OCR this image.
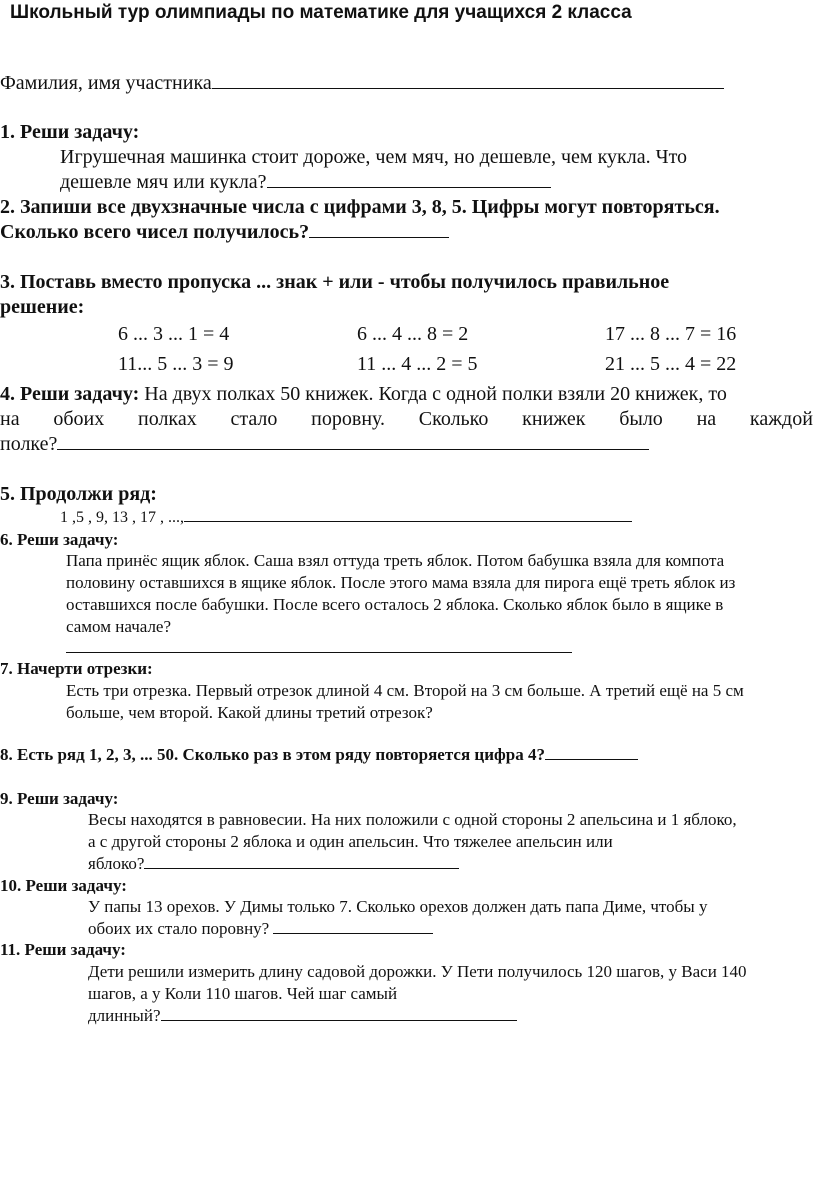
Школьный тур олимпиады по математике для учащихся 2 класса
Фамилия, имя участника
1. Реши задачу:
Игрушечная машинка стоит дороже, чем мяч, но дешевле, чем кукла. Что
дешевле мяч или кукла?
2. Запиши все двухзначные числа с цифрами 3, 8, 5. Цифры могут повторяться.
Сколько всего чисел получилось?
3. Поставь вместо пропуска ... знак + или - чтобы получилось правильное
решение:
6 ... 3 ... 1 = 4	6 ... 4 ... 8 = 2	17 ... 8 ... 7 = 16
11... 5 ... 3 = 9	11 ... 4 ... 2 = 5	21 ... 5 ... 4 = 22
4. Реши задачу: На двух полках 50 книжек. Когда с одной полки взяли 20 книжек, то
на обоих полках стало поровну. Сколько книжек было на каждой
полке?
5. Продолжи ряд:
1 ,5 , 9, 13 , 17 , ...,
6. Реши задачу:
Папа принёс ящик яблок. Саша взял оттуда треть яблок. Потом бабушка взяла для компота
половину оставшихся в ящике яблок. После этого мама взяла для пирога ещё треть яблок из
оставшихся после бабушки. После всего осталось 2 яблока. Сколько яблок было в ящике в
самом начале?
7. Начерти отрезки:
Есть три отрезка. Первый отрезок длиной 4 см. Второй на 3 см больше. А третий ещё на 5 см
больше, чем второй. Какой длины третий отрезок?
8. Есть ряд 1, 2, 3, ... 50. Сколько раз в этом ряду повторяется цифра 4?
9. Реши задачу:
Весы находятся в равновесии. На них положили с одной стороны 2 апельсина и 1 яблоко,
а с другой стороны 2 яблока и один апельсин. Что тяжелее апельсин или
яблоко?
10. Реши задачу:
У папы 13 орехов. У Димы только 7. Сколько орехов должен дать папа Диме, чтобы у
обоих их стало поровну?
11. Реши задачу:
Дети решили измерить длину садовой дорожки. У Пети получилось 120 шагов, у Васи 140
шагов, а у Коли 110 шагов. Чей шаг самый
длинный?
